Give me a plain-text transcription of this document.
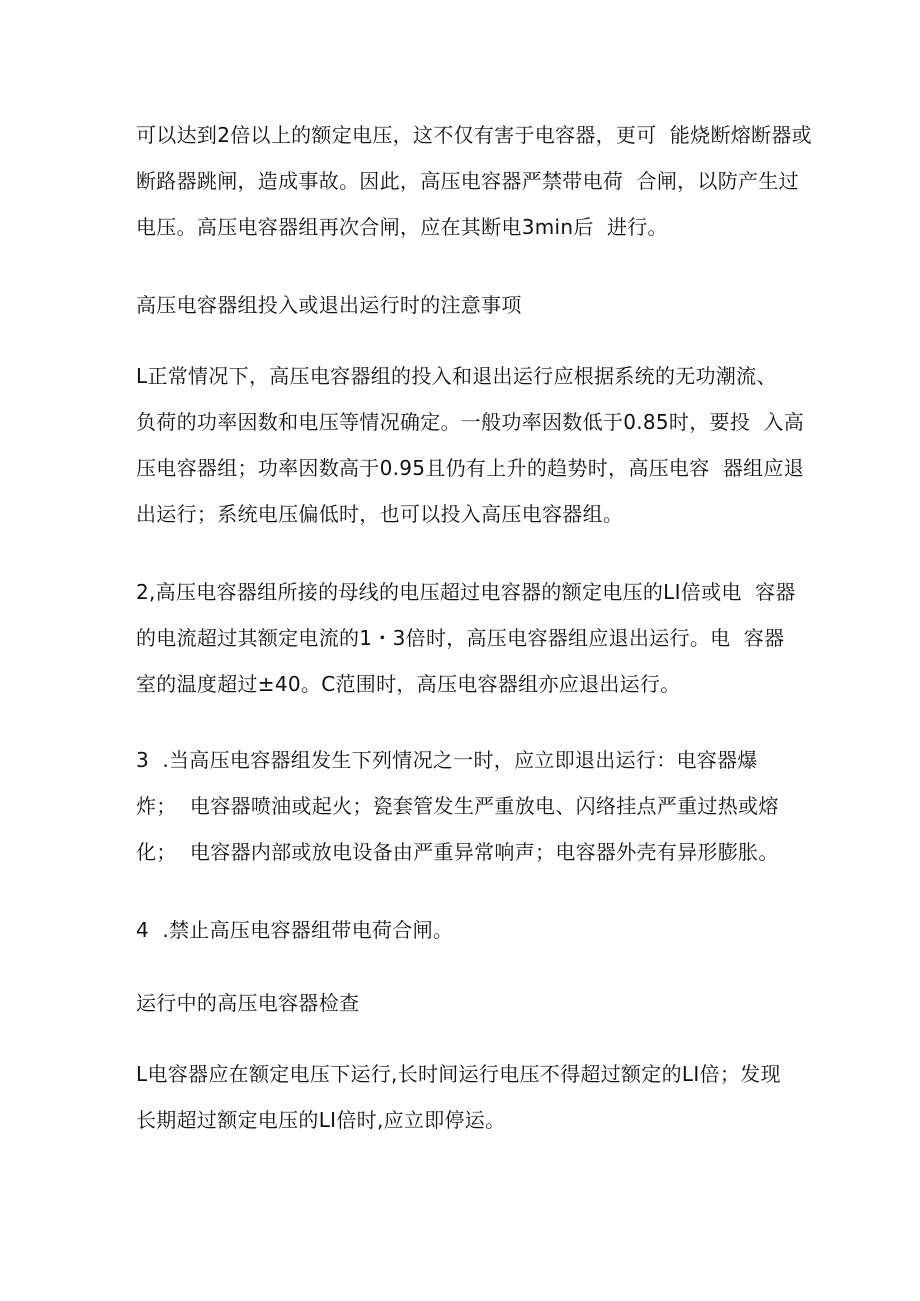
可以达到2倍以上的额定电压，这不仅有害于电容器，更可  能烧断熔断器或
断路器跳闸，造成事故。因此，高压电容器严禁带电荷  合闸，以防产生过
电压。高压电容器组再次合闸，应在其断电3min后  进行。
高压电容器组投入或退出运行时的注意事项
L正常情况下，高压电容器组的投入和退出运行应根据系统的无功潮流、
负荷的功率因数和电压等情况确定。一般功率因数低于0.85时，要投  入高
压电容器组；功率因数高于0.95且仍有上升的趋势时，高压电容  器组应退
出运行；系统电压偏低时，也可以投入高压电容器组。
2,高压电容器组所接的母线的电压超过电容器的额定电压的LI倍或电  容器
的电流超过其额定电流的1・3倍时，高压电容器组应退出运行。电  容器
室的温度超过±40。C范围时，高压电容器组亦应退出运行。
3  .当高压电容器组发生下列情况之一时，应立即退出运行：电容器爆
炸；  电容器喷油或起火；瓷套管发生严重放电、闪络挂点严重过热或熔
化；  电容器内部或放电设备由严重异常响声；电容器外壳有异形膨胀。
4  .禁止高压电容器组带电荷合闸。
运行中的高压电容器检查
L电容器应在额定电压下运行,长时间运行电压不得超过额定的LI倍；发现
长期超过额定电压的LI倍时,应立即停运。
